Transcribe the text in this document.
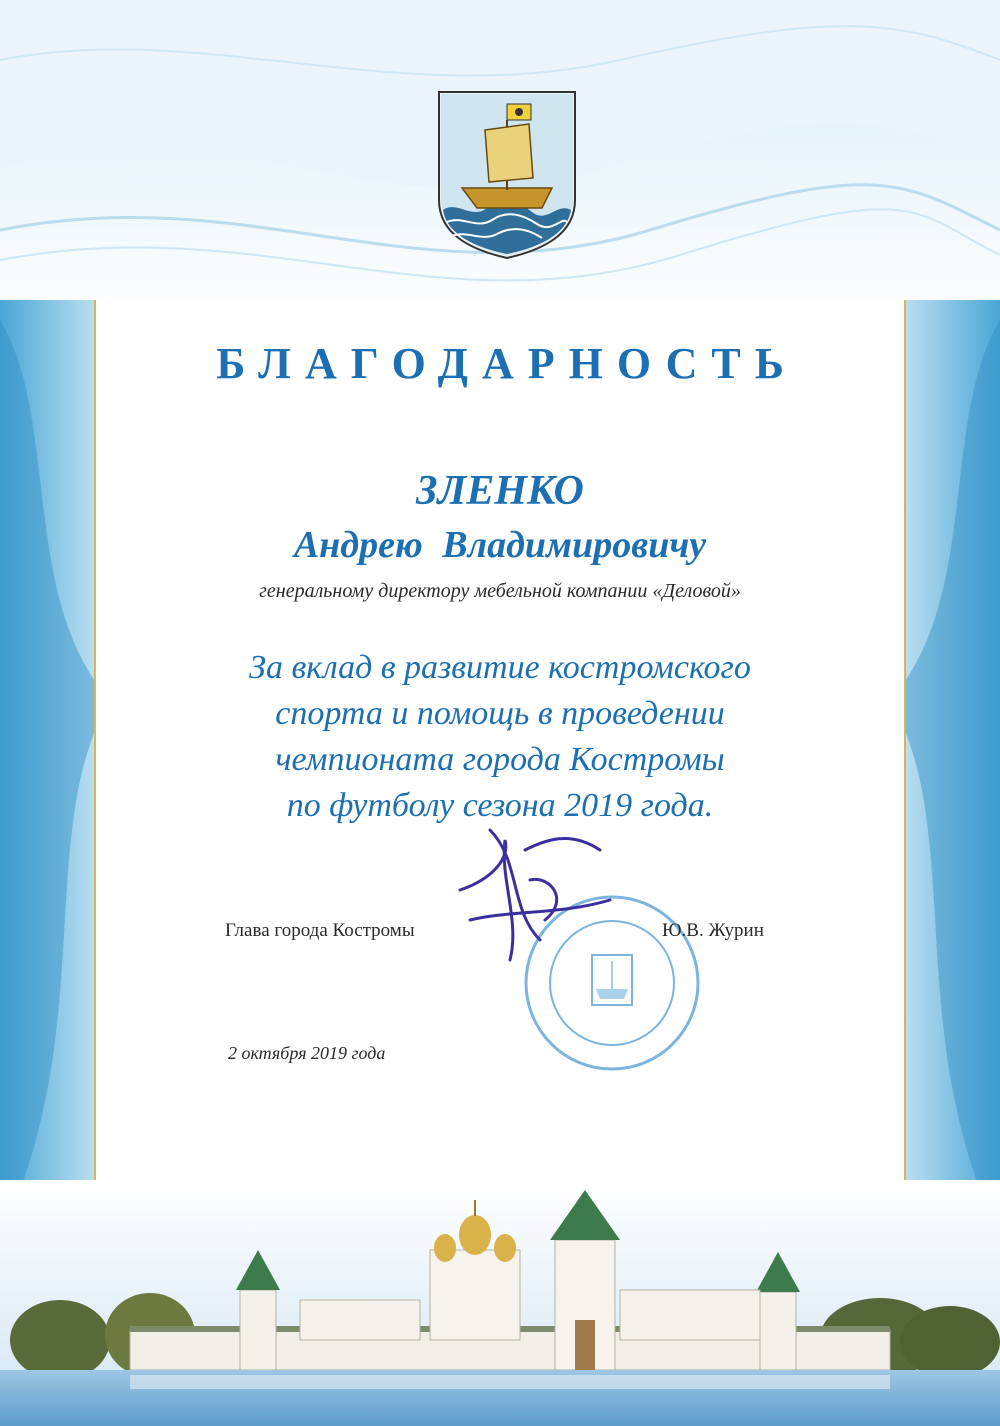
БЛАГОДАРНОСТЬ
ЗЛЕНКО
Андрею Владимировичу
генеральному директору мебельной компании «Деловой»
За вклад в развитие костромского
спорта и помощь в проведении
чемпионата города Костромы
по футболу сезона 2019 года.
Глава города Костромы	Ю.В. Журин
2 октября 2019 года
